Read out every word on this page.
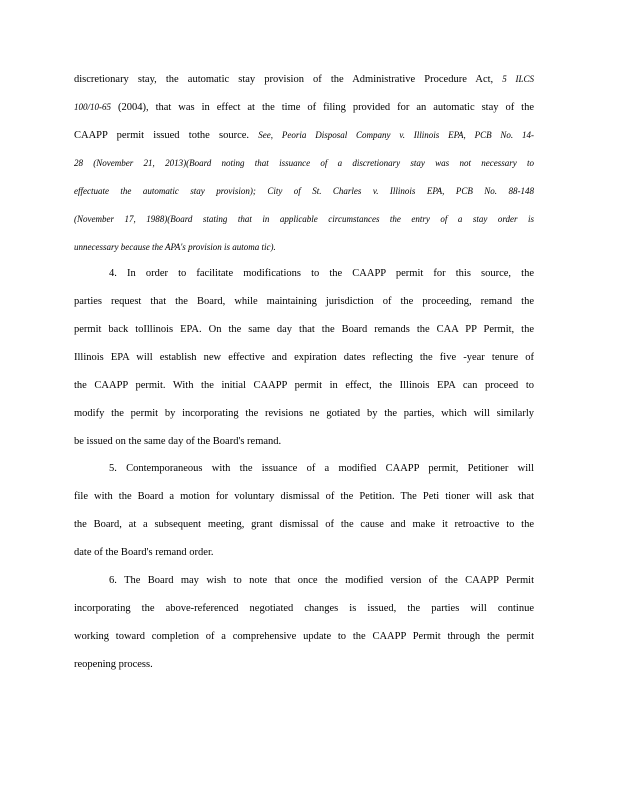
discretionary stay, the automatic stay provision of the Administrative Procedure Act, 5 ILCS
100/10-65 (2004), that was in effect at the time of filing provided for an automatic stay of the
CAAPP permit issued tothe source. See, Peoria Disposal Company v. Illinois EPA, PCB No. 14-
28 (November 21, 2013)(Board noting that issuance of a discretionary stay was not necessary to
effectuate the automatic stay provision); City of St. Charles v. Illinois EPA, PCB No. 88-148
(November 17, 1988)(Board stating that in applicable circumstances the entry of a stay order is
unnecessary because the APA's provision is automa tic).
4. In order to facilitate modifications to the CAAPP permit for this source, the
parties request that the Board, while maintaining jurisdiction of the proceeding, remand the
permit back toIllinois EPA. On the same day that the Board remands the CAA PP Permit, the
Illinois EPA will establish new effective and expiration dates reflecting the five -year tenure of
the CAAPP permit. With the initial CAAPP permit in effect, the Illinois EPA can proceed to
modify the permit by incorporating the revisions ne gotiated by the parties, which will similarly
be issued on the same day of the Board's remand.
5. Contemporaneous with the issuance of a modified CAAPP permit, Petitioner will
file with the Board a motion for voluntary dismissal of the Petition. The Peti tioner will ask that
the Board, at a subsequent meeting, grant dismissal of the cause and make it retroactive to the
date of the Board's remand order.
6. The Board may wish to note that once the modified version of the CAAPP Permit
incorporating the above-referenced negotiated changes is issued, the parties will continue
working toward completion of a comprehensive update to the CAAPP Permit through the permit
reopening process.
